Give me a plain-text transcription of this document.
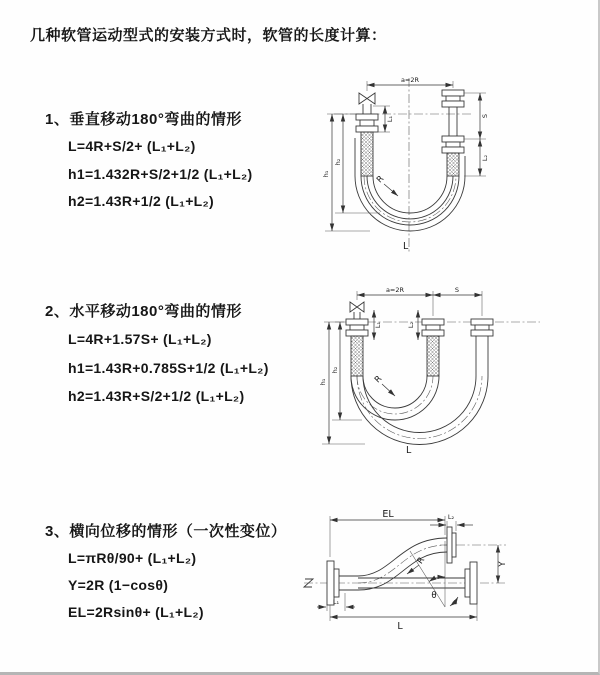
几种软管运动型式的安装方式时，软管的长度计算：
1、垂直移动180°弯曲的情形
L=4R+S/2+ (L₁+L₂)
h1=1.432R+S/2+1/2 (L₁+L₂)
h2=1.43R+1/2 (L₁+L₂)
a=2R
S
L₂
L₁
h₂
h₁	R
L
2、水平移动180°弯曲的情形
L=4R+1.57S+ (L₁+L₂)
h1=1.43R+0.785S+1/2 (L₁+L₂)
h2=1.43R+S/2+1/2 (L₁+L₂)
a=2R	S
L₁	L₂
h₂
h₁	R
L
3、横向位移的情形（一次性变位）
L=πRθ/90+ (L₁+L₂)
Y=2R (1−cosθ)
EL=2Rsinθ+ (L₁+L₂)
EL	L₂
Y
L
L₁
θ
R
